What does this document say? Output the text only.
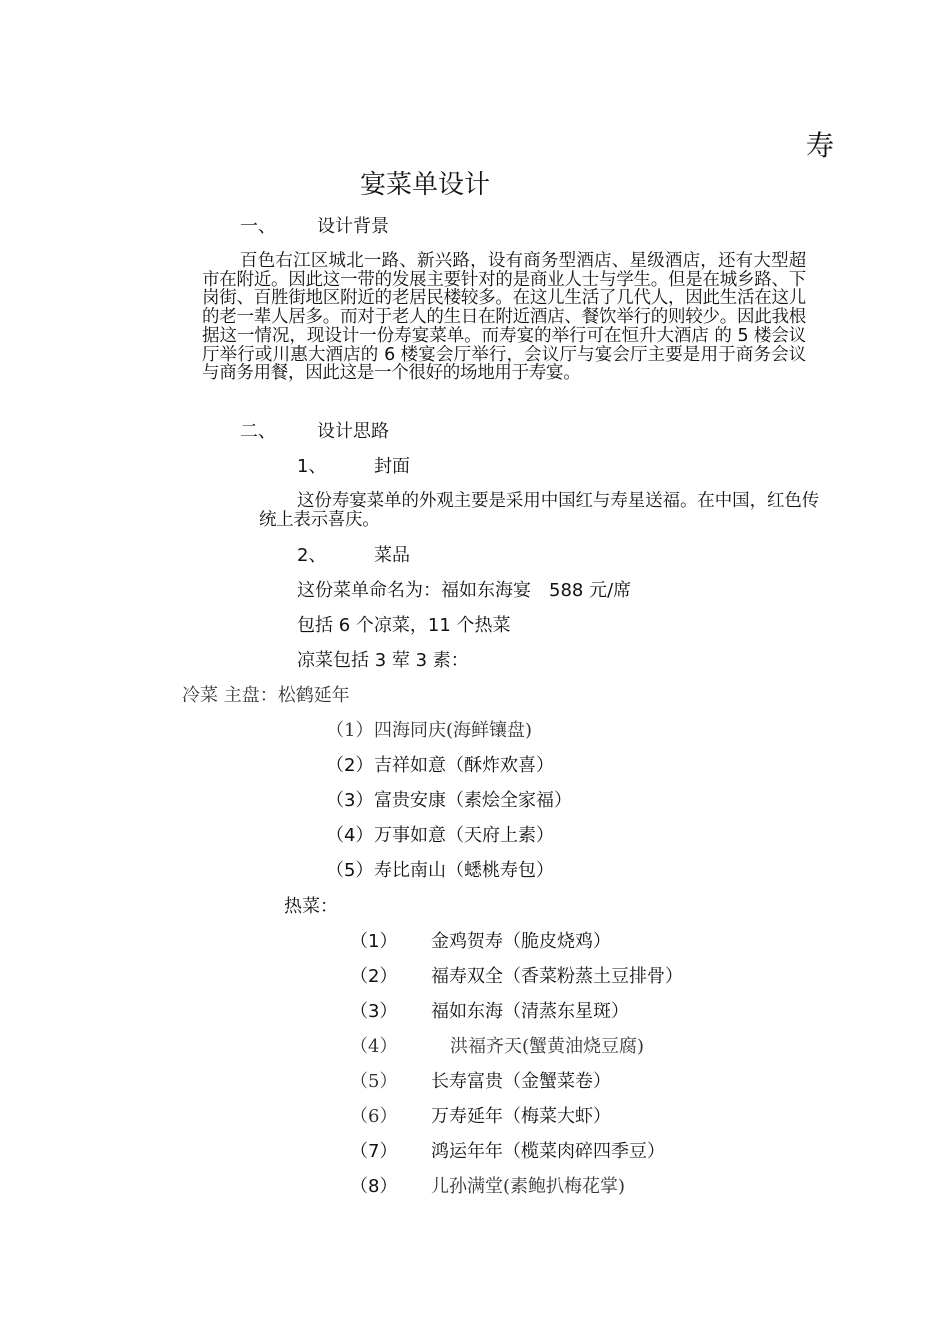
寿
宴菜单设计
一、 设计背景
百色右江区城北一路、新兴路，设有商务型酒店、星级酒店，还有大型超市在附近。因此这一带的发展主要针对的是商业人士与学生。但是在城乡路、下岗街、百胜街地区附近的老居民楼较多。在这儿生活了几代人，因此生活在这儿的老一辈人居多。而对于老人的生日在附近酒店、餐饮举行的则较少。因此我根据这一情况，现设计一份寿宴菜单。而寿宴的举行可在恒升大酒店 的 5 楼会议厅举行或川惠大酒店的 6 楼宴会厅举行，会议厅与宴会厅主要是用于商务会议与商务用餐，因此这是一个很好的场地用于寿宴。
二、 设计思路
1、	封面
这份寿宴菜单的外观主要是采用中国红与寿星送福。在中国，红色传统上表示喜庆。
2、	菜品
这份菜单命名为：福如东海宴　588 元/席
包括 6 个凉菜，11 个热菜
凉菜包括 3 荤 3 素：
冷菜 主盘：松鹤延年
（1） 四海同庆(海鲜镶盘)
（2） 吉祥如意（酥炸欢喜）
（3） 富贵安康（素烩全家福）
（4） 万事如意（天府上素）
（5） 寿比南山（蟋桃寿包）
热菜：
（1） 金鸡贺寿（脆皮烧鸡）
（2） 福寿双全（香菜粉蒸土豆排骨）
（3） 福如东海（清蒸东星斑）
（4）	洪福齐天(蟹黄油烧豆腐)
（5） 长寿富贵（金蟹菜卷）
（6） 万寿延年（梅菜大虾）
（7） 鸿运年年（榄菜肉碎四季豆）
（8） 儿孙满堂(素鲍扒梅花掌)
